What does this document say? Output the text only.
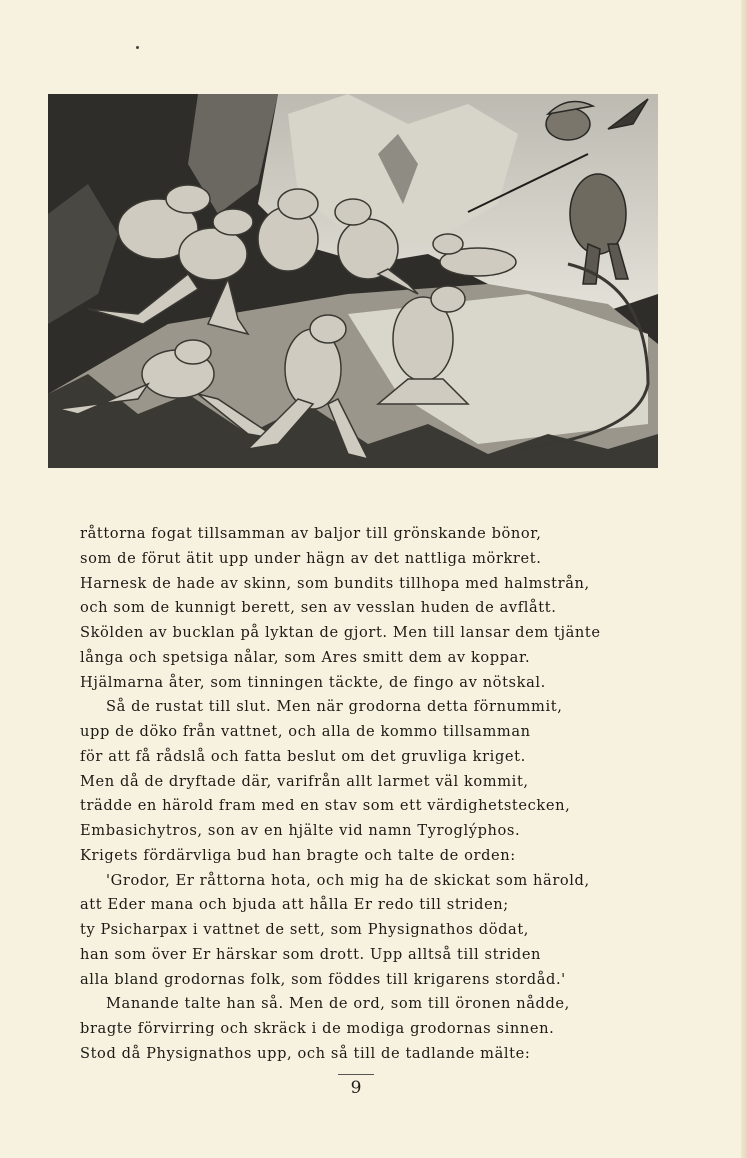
råttorna fogat tillsamman av baljor till grönskande bönor,
som de förut ätit upp under hägn av det nattliga mörkret.
Harnesk de hade av skinn, som bundits tillhopa med halmstrån,
och som de kunnigt berett, sen av vesslan huden de avflått.
Skölden av bucklan på lyktan de gjort. Men till lansar dem tjänte
långa och spetsiga nålar, som Ares smitt dem av koppar.
Hjälmarna åter, som tinningen täckte, de fingo av nötskal.
Så de rustat till slut. Men när grodorna detta förnummit,
upp de döko från vattnet, och alla de kommo tillsamman
för att få rådslå och fatta beslut om det gruvliga kriget.
Men då de dryftade där, varifrån allt larmet väl kommit,
trädde en härold fram med en stav som ett värdighetstecken,
Embasichytros, son av en hjälte vid namn Tyroglýphos.
Krigets fördärvliga bud han bragte och talte de orden:
'Grodor, Er råttorna hota, och mig ha de skickat som härold,
att Eder mana och bjuda att hålla Er redo till striden;
ty Psicharpax i vattnet de sett, som Physignathos dödat,
han som över Er härskar som drott. Upp alltså till striden
alla bland grodornas folk, som föddes till krigarens stordåd.'
Manande talte han så. Men de ord, som till öronen nådde,
bragte förvirring och skräck i de modiga grodornas sinnen.
Stod då Physignathos upp, och så till de tadlande mälte:
9
